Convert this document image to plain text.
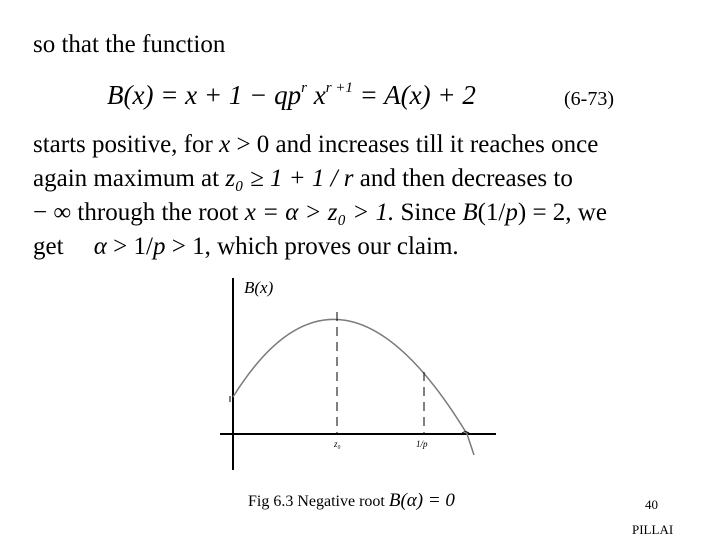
so that the function
$B(x) = x + 1 - qp^r$ $x^{r +1} = A(x) + 2$	(6-73)
starts positive, for x > 0 and increases till it reaches once
again maximum at z₀ ≥ 1 + 1 / r and then decreases to
− ∞ through the root x = α > z₀ > 1. Since B(1/p) = 2, we
get α > 1/p > 1, which proves our claim.
B(x)
z₀	1/p
Fig 6.3 Negative root B(α) = 0	40
PILLAI
